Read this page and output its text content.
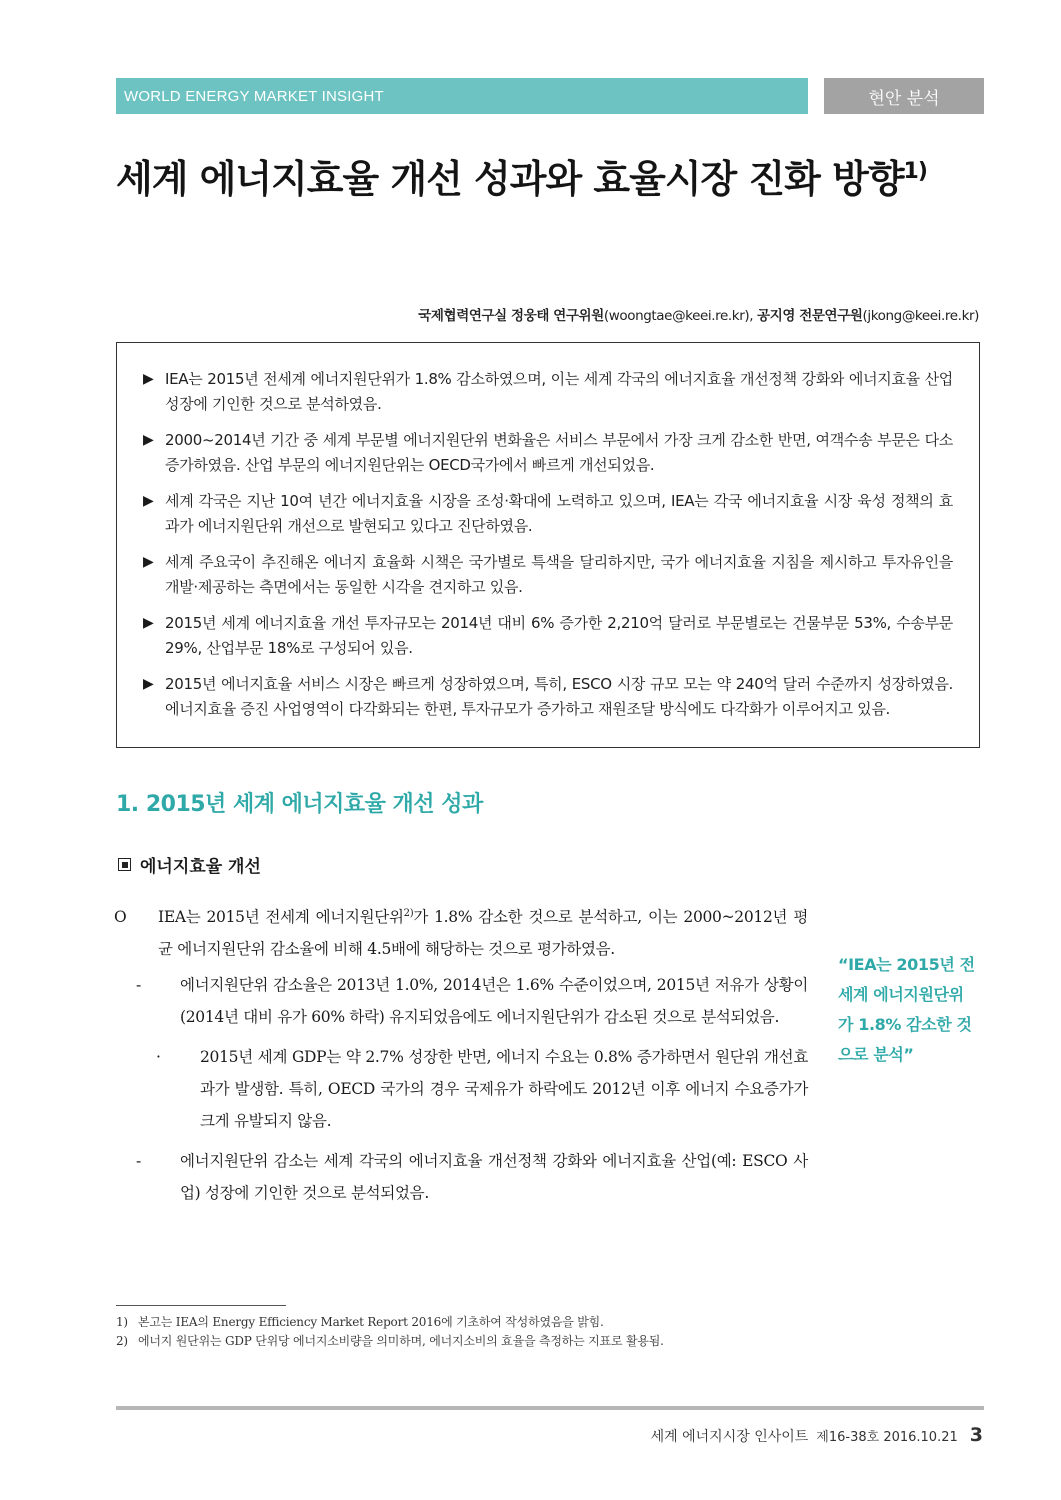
WORLD ENERGY MARKET INSIGHT	현안 분석
세계 에너지효율 개선 성과와 효율시장 진화 방향$^{1)}$
국제협력연구실 정웅태 연구위원(woongtae@keei.re.kr), 공지영 전문연구원(jkong@keei.re.kr)
▶ IEA는 2015년 전세계 에너지원단위가 1.8% 감소하였으며, 이는 세계 각국의 에너지효율 개선정책 강화와 에너지효율 산업 성장에 기인한 것으로 분석하였음.
▶ 2000~2014년 기간 중 세계 부문별 에너지원단위 변화율은 서비스 부문에서 가장 크게 감소한 반면, 여객수송 부문은 다소 증가하였음. 산업 부문의 에너지원단위는 OECD국가에서 빠르게 개선되었음.
▶ 세계 각국은 지난 10여 년간 에너지효율 시장을 조성·확대에 노력하고 있으며, IEA는 각국 에너지효율 시장 육성 정책의 효과가 에너지원단위 개선으로 발현되고 있다고 진단하였음.
▶ 세계 주요국이 추진해온 에너지 효율화 시책은 국가별로 특색을 달리하지만, 국가 에너지효율 지침을 제시하고 투자유인을 개발·제공하는 측면에서는 동일한 시각을 견지하고 있음.
▶ 2015년 세계 에너지효율 개선 투자규모는 2014년 대비 6% 증가한 2,210억 달러로 부문별로는 건물부문 53%, 수송부문 29%, 산업부문 18%로 구성되어 있음.
▶ 2015년 에너지효율 서비스 시장은 빠르게 성장하였으며, 특히, ESCO 시장 규모 모는 약 240억 달러 수준까지 성장하였음. 에너지효율 증진 사업영역이 다각화되는 한편, 투자규모가 증가하고 재원조달 방식에도 다각화가 이루어지고 있음.
1. 2015년 세계 에너지효율 개선 성과
에너지효율 개선
O IEA는 2015년 전세계 에너지원단위$^{2)}$가 1.8% 감소한 것으로 분석하고, 이는 2000~2012년 평균 에너지원단위 감소율에 비해 4.5배에 해당하는 것으로 평가하였음.
-	에너지원단위 감소율은 2013년 1.0%, 2014년은 1.6% 수준이었으며, 2015년 저유가 상황이(2014년 대비 유가 60% 하락) 유지되었음에도 에너지원단위가 감소된 것으로 분석되었음.
·	2015년 세계 GDP는 약 2.7% 성장한 반면, 에너지 수요는 0.8% 증가하면서 원단위 개선효과가 발생함. 특히, OECD 국가의 경우 국제유가 하락에도 2012년 이후 에너지 수요증가가 크게 유발되지 않음.
-	에너지원단위 감소는 세계 각국의 에너지효율 개선정책 강화와 에너지효율 산업(예: ESCO 사업) 성장에 기인한 것으로 분석되었음.
“IEA는 2015년 전세계 에너지원단위가 1.8% 감소한 것으로 분석”
1) 본고는 IEA의 Energy Efficiency Market Report 2016에 기초하여 작성하였음을 밝힘.
2) 에너지 원단위는 GDP 단위당 에너지소비량을 의미하며, 에너지소비의 효율을 측정하는 지표로 활용됨.
세계 에너지시장 인사이트 제16-38호 2016.10.21 3
